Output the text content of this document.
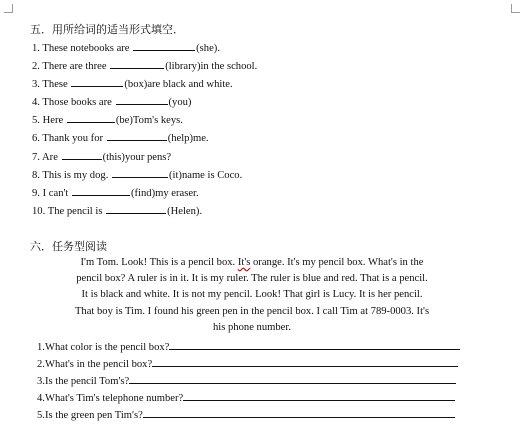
五．用所给词的适当形式填空．
1. These notebooks are	(she).
2. There are three	(library)in the school.
3. These	(box)are black and white.
4. Those books are	(you)
5. Here	(be)Tom's keys.
6. Thank you for	(help)me.
7. Are	(this)your pens?
8. This is my dog.	(it)name is Coco.
9. I can't	(find)my eraser.
10. The pencil is	(Helen).
六．任务型阅读
I'm Tom. Look! This is a pencil box. It's orange. It's my pencil box. What's in the pencil box? A ruler is in it. It is my ruler. The ruler is blue and red. That is a pencil. It is black and white. It is not my pencil. Look! That girl is Lucy. It is her pencil. That boy is Tim. I found his green pen in the pencil box. I call Tim at 789-0003. It's his phone number.
1.What color is the pencil box?
2.What's in the pencil box?
3.Is the pencil Tom's?
4.What's Tim's telephone number?
5.Is the green pen Tim's?
